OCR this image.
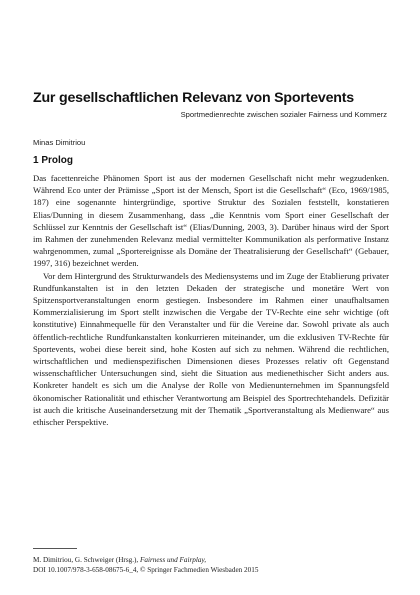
Zur gesellschaftlichen Relevanz von Sportevents
Sportmedienrechte zwischen sozialer Fairness und Kommerz
Minas Dimitriou
1 Prolog

Das facettenreiche Phänomen Sport ist aus der modernen Gesellschaft nicht mehr wegzudenken. Während Eco unter der Prämisse „Sport ist der Mensch, Sport ist die Gesellschaft“ (Eco, 1969/1985, 187) eine sogenannte hintergründige, sportive Struktur des Sozialen feststellt, konstatieren Elias/Dunning in diesem Zusammenhang, dass „die Kenntnis vom Sport einer Gesellschaft der Schlüssel zur Kenntnis der Gesellschaft ist“ (Elias/Dunning, 2003, 3). Darüber hinaus wird der Sport im Rahmen der zunehmenden Relevanz medial vermittelter Kommunikation als performative Instanz wahrgenommen, zumal „Sportereignisse als Domäne der Theatralisierung der Gesellschaft“ (Gebauer, 1997, 316) bezeichnet werden.

Vor dem Hintergrund des Strukturwandels des Mediensystems und im Zuge der Etablierung privater Rundfunkanstalten ist in den letzten Dekaden der strategische und monetäre Wert von Spitzensportveranstaltungen enorm gestiegen. Insbesondere im Rahmen einer unaufhaltsamen Kommerzialisierung im Sport stellt inzwischen die Vergabe der TV-Rechte eine sehr wichtige (oft konstitutive) Einnahmequelle für den Veranstalter und für die Vereine dar. Sowohl private als auch öffentlich-rechtliche Rundfunkanstalten konkurrieren miteinander, um die exklusiven TV-Rechte für Sportevents, wobei diese bereit sind, hohe Kosten auf sich zu nehmen. Während die rechtlichen, wirtschaftlichen und medienspezifischen Dimensionen dieses Prozesses relativ oft Gegenstand wissenschaftlicher Untersuchungen sind, sieht die Situation aus medienethischer Sicht anders aus. Konkreter handelt es sich um die Analyse der Rolle von Medienunternehmen im Spannungsfeld ökonomischer Rationalität und ethischer Verantwortung am Beispiel des Sportrechtehandels. Defizitär ist auch die kritische Auseinandersetzung mit der Thematik „Sportveranstaltung als Medienware“ aus ethischer Perspektive.

M. Dimitriou, G. Schweiger (Hrsg.), Fairness und Fairplay,
DOI 10.1007/978-3-658-08675-6_4, © Springer Fachmedien Wiesbaden 2015
